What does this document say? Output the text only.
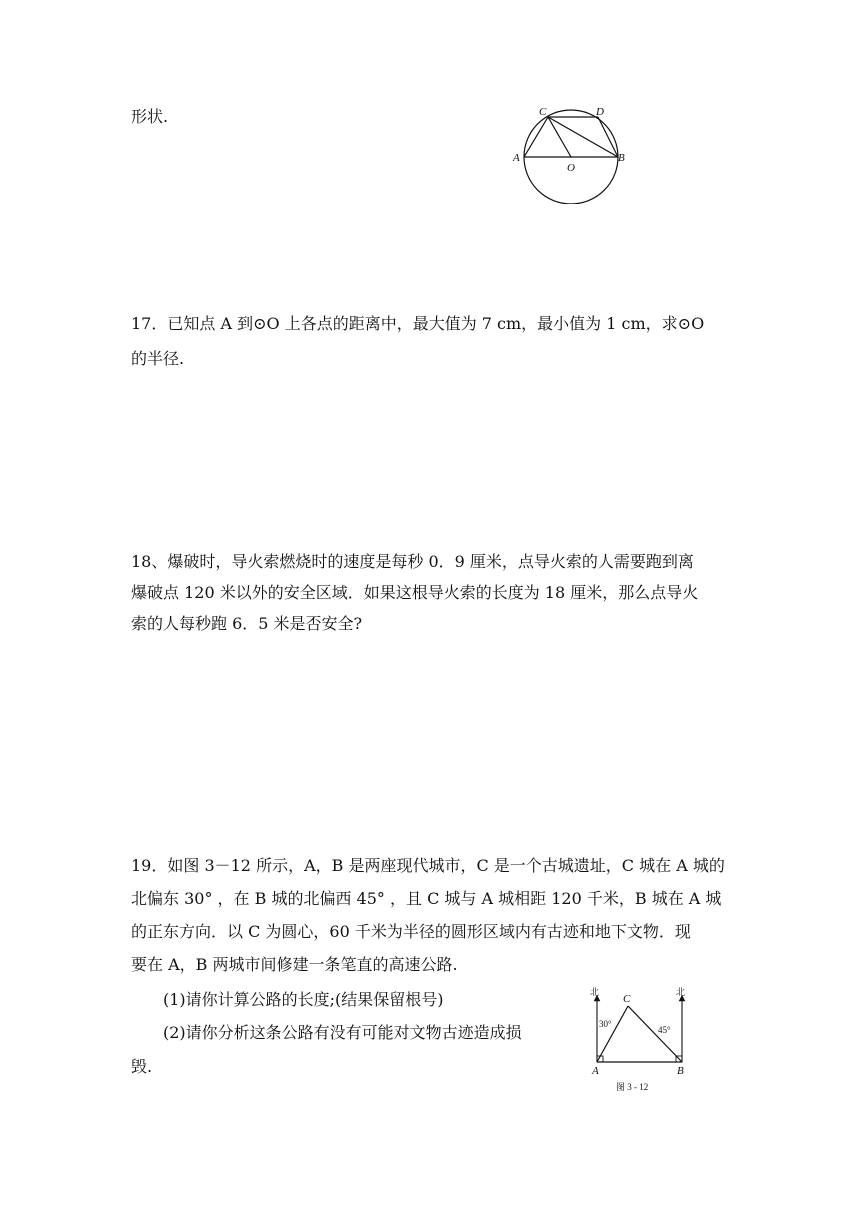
形状.	C	D
A
O
B
17．已知点 A 到⊙O 上各点的距离中，最大值为 7 cm，最小值为 1 cm，求⊙O
的半径.
18、爆破时，导火索燃烧时的速度是每秒 0．9 厘米，点导火索的人需要跑到离
爆破点 120 米以外的安全区域．如果这根导火索的长度为 18 厘米，那么点导火
索的人每秒跑 6．5 米是否安全?
19．如图 3－12 所示，A，B 是两座现代城市，C 是一个古城遗址，C 城在 A 城的
北偏东 30° ，在 B 城的北偏西 45° ，且 C 城与 A 城相距 120 千米，B 城在 A 城
的正东方向．以 C 为圆心，60 千米为半径的圆形区域内有古迹和地下文物．现
要在 A，B 两城市间修建一条笔直的高速公路.
(1)请你计算公路的长度;(结果保留根号)
(2)请你分析这条公路有没有可能对文物古迹造成损
毁.
北	北
C
30°
45°
A	B
图 3 - 12
